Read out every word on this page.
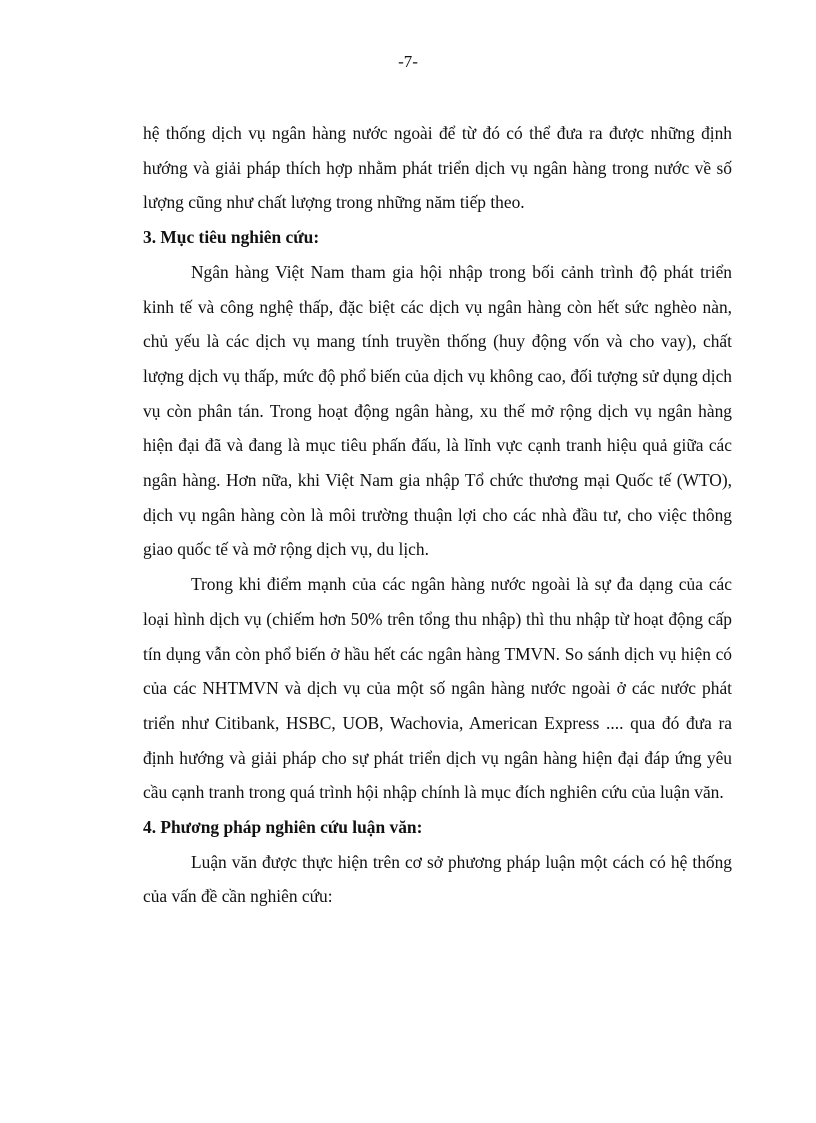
-7-

hệ thống dịch vụ ngân hàng nước ngoài để từ đó có thể đưa ra được những định hướng và giải pháp thích hợp nhằm phát triển dịch vụ ngân hàng trong nước về số lượng cũng như chất lượng trong những năm tiếp theo.

3. Mục tiêu nghiên cứu:

Ngân hàng Việt Nam tham gia hội nhập trong bối cảnh trình độ phát triển kinh tế và công nghệ thấp, đặc biệt các dịch vụ ngân hàng còn hết sức nghèo nàn, chủ yếu là các dịch vụ mang tính truyền thống (huy động vốn và cho vay), chất lượng dịch vụ thấp, mức độ phổ biến của dịch vụ không cao, đối tượng sử dụng dịch vụ còn phân tán. Trong hoạt động ngân hàng, xu thế mở rộng dịch vụ ngân hàng hiện đại đã và đang là mục tiêu phấn đấu, là lĩnh vực cạnh tranh hiệu quả giữa các ngân hàng. Hơn nữa, khi Việt Nam gia nhập Tổ chức thương mại Quốc tế (WTO), dịch vụ ngân hàng còn là môi trường thuận lợi cho các nhà đầu tư, cho việc thông giao quốc tế và mở rộng dịch vụ, du lịch.

Trong khi điểm mạnh của các ngân hàng nước ngoài là sự đa dạng của các loại hình dịch vụ (chiếm hơn 50% trên tổng thu nhập) thì thu nhập từ hoạt động cấp tín dụng vẫn còn phổ biến ở hầu hết các ngân hàng TMVN. So sánh dịch vụ hiện có của các NHTMVN và dịch vụ của một số ngân hàng nước ngoài ở các nước phát triển như Citibank, HSBC, UOB, Wachovia, American Express .... qua đó đưa ra định hướng và giải pháp cho sự phát triển dịch vụ ngân hàng hiện đại đáp ứng yêu cầu cạnh tranh trong quá trình hội nhập chính là mục đích nghiên cứu của luận văn.

4. Phương pháp nghiên cứu luận văn:

Luận văn được thực hiện trên cơ sở phương pháp luận một cách có hệ thống của vấn đề cần nghiên cứu:
